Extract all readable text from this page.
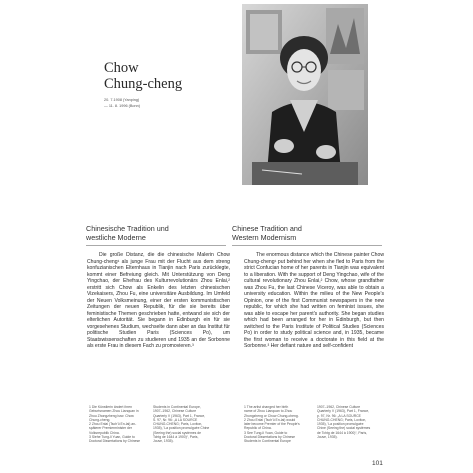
Chow
Chung-cheng
20. 7.1908 (Yanping)
— 11. 8. 1996 (Bonn)
Chinesische Tradition und
westliche Moderne
Chinese Tradition and
Western Modernism
Die große Distanz, die die chinesische Malerin Chow Chung-cheng¹ als junge Frau mit der Flucht aus dem streng konfuzianischen Elternhaus in Tianjin nach Paris zurücklegte, kommt einer Befreiung gleich. Mit Unterstützung von Deng Yingchao, der Ehefrau des Kulturrevolutionärs Zhou Enlai,² erstritt sich Chow als Enkelin des letzten chinesischen Vizekaisers, Zhou Fu, eine universitäre Ausbildung. Im Umfeld der Neuen Volksmeinung, einer der ersten kommunistischen Zeitungen der neuen Republik, für die sie bereits über feministische Themen geschrieben hatte, entwand sie sich der elterlichen Autorität. Sie begann in Edinburgh ein für sie vorgesehenes Studium, wechselte dann aber an das Institut für politische Studien Paris (Sciences Po), um Staatswissenschaften zu studieren und 1935 an der Sorbonne als erste Frau in diesem Fach zu promovieren.³
The enormous distance which the Chinese painter Chow Chung-cheng¹ put behind her when she fled to Paris from the strict Confucian home of her parents in Tianjin was equivalent to a liberation. With the support of Deng Yingchao, wife of the cultural revolutionary Zhou Enlai,² Chow, whose grandfather was Zhou Fu, the last Chinese Viceroy, was able to obtain a university education. Within the milieu of the New People's Opinion, one of the first Communist newspapers in the new republic, for which she had written on feminist issues, she was able to escape her parent's authority. She began studies which had been arranged for her in Edinburgh, but then switched to the Paris Institute of Political Studies (Sciences Po) in order to study political science and, in 1935, became the first woman to receive a doctorate in this field at the Sorbonne.³ Her defiant nature and self-confident
1 Die Künstlerin ändert ihren
Geburtsnamen Zhou Lianquan in
Zhou Zhongzheng bzw. Chow
Chung-cheng.
2 Zhou Enlai (Tsch'ü En-lai) an-
späterer Premierminister der
Volksrepublik China.
3 Siehe Tung-li Yuan, Guide to
Doctoral Dissertations by Chinese
Students in Continental Europe,
1907–1962, Chinese Culture
Quarterly V (1963), Part 1, France,
S. 97, Nr. 96: „A LA SOURCE
CHUNG-CHENG; Paris, Loviton,
1935), 'La position promulguée Chine
(Seeing the) social systèmes de
Tchtg de 1644 à 1900)“, Paris,
Jouve, 1935).
1 The artist changed her birth
name of Zhou Lianquan to Zhou
Zhongzheng or Chow Chung-cheng.
2 Zhou Enlai (Tsch'ü En-lai) would
later become Premier of the People's
Republic of China.
3 See Tung-li Yuan, Guide to
Doctoral Dissertations by Chinese
Students in Continental Europe
1907–1962, Chinese Culture
Quarterly V (1963), Part 1, France,
p. 97, Nr. 96: „A LA SOURCE
CHUNG-CHENG; Paris, Loviton,
1935), 'La position promulguée
Chine (Seeing the) social systèmes
de Tchtg de 1644 à 1900)“, Paris,
Jouve, 1935).
101
